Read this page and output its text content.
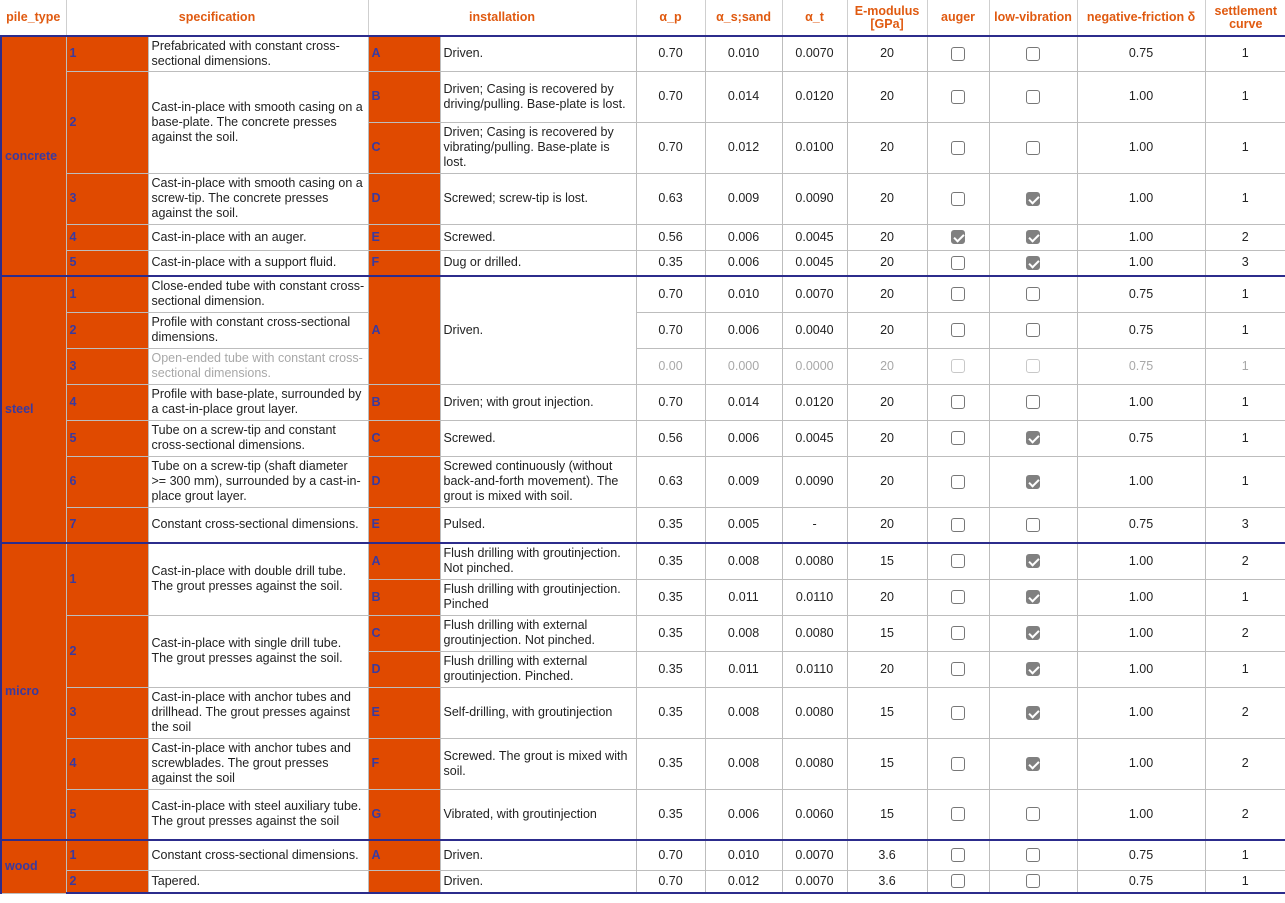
pile_type	specification		installation		α_p	α_s;sand	α_t	E-modulus [GPa]	auger	low-vibration	negative-friction δ	settlement curve
concrete	1	Prefabricated with constant cross-sectional dimensions.	A	Driven.	0.70	0.010	0.0070	20			0.75	1
	2	Cast-in-place with smooth casing on a base-plate. The concrete presses against the soil.	B	Driven; Casing is recovered by driving/pulling. Base-plate is lost.	0.70	0.014	0.0120	20			1.00	1
			C	Driven; Casing is recovered by vibrating/pulling. Base-plate is lost.	0.70	0.012	0.0100	20			1.00	1
	3	Cast-in-place with smooth casing on a screw-tip. The concrete presses against the soil.	D	Screwed; screw-tip is lost.	0.63	0.009	0.0090	20			1.00	1
	4	Cast-in-place with an auger.	E	Screwed.	0.56	0.006	0.0045	20			1.00	2
	5	Cast-in-place with a support fluid.	F	Dug or drilled.	0.35	0.006	0.0045	20			1.00	3
steel	1	Close-ended tube with constant cross-sectional dimension.	A	Driven.	0.70	0.010	0.0070	20			0.75	1
	2	Profile with constant cross-sectional dimensions.			0.70	0.006	0.0040	20			0.75	1
	3	Open-ended tube with constant cross-sectional dimensions.			0.00	0.000	0.0000	20			0.75	1
	4	Profile with base-plate, surrounded by a cast-in-place grout layer.	B	Driven; with grout injection.	0.70	0.014	0.0120	20			1.00	1
	5	Tube on a screw-tip and constant cross-sectional dimensions.	C	Screwed.	0.56	0.006	0.0045	20			0.75	1
	6	Tube on a screw-tip (shaft diameter >= 300 mm), surrounded by a cast-in-place grout layer.	D	Screwed continuously (without back-and-forth movement). The grout is mixed with soil.	0.63	0.009	0.0090	20			1.00	1
	7	Constant cross-sectional dimensions.	E	Pulsed.	0.35	0.005	-	20			0.75	3
micro	1	Cast-in-place with double drill tube. The grout presses against the soil.	A	Flush drilling with groutinjection. Not pinched.	0.35	0.008	0.0080	15			1.00	2
			B	Flush drilling with groutinjection. Pinched	0.35	0.011	0.0110	20			1.00	1
	2	Cast-in-place with single drill tube. The grout presses against the soil.	C	Flush drilling with external groutinjection. Not pinched.	0.35	0.008	0.0080	15			1.00	2
			D	Flush drilling with external groutinjection. Pinched.	0.35	0.011	0.0110	20			1.00	1
	3	Cast-in-place with anchor tubes and drillhead. The grout presses against the soil	E	Self-drilling, with groutinjection	0.35	0.008	0.0080	15			1.00	2
	4	Cast-in-place with anchor tubes and screwblades. The grout presses against the soil	F	Screwed. The grout is mixed with soil.	0.35	0.008	0.0080	15			1.00	2
	5	Cast-in-place with steel auxiliary tube. The grout presses against the soil	G	Vibrated, with groutinjection	0.35	0.006	0.0060	15			1.00	2
wood	1	Constant cross-sectional dimensions.	A	Driven.	0.70	0.010	0.0070	3.6			0.75	1
	2	Tapered.		Driven.	0.70	0.012	0.0070	3.6			0.75	1
